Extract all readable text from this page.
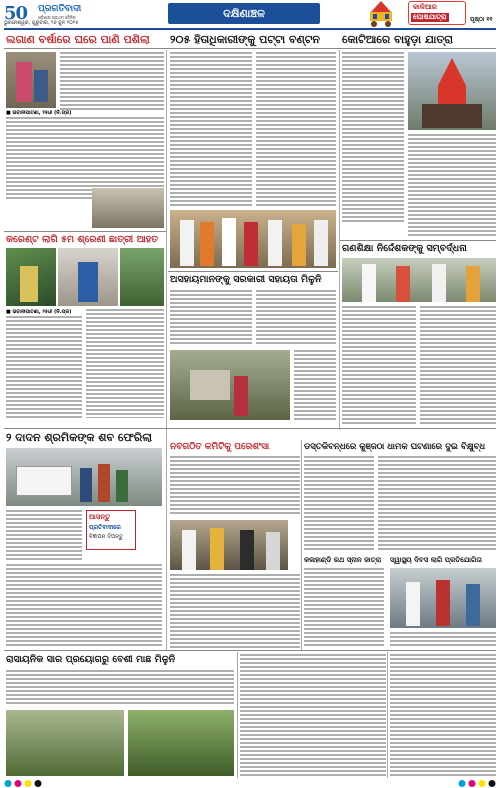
50 ପ୍ରଗତିବାଦୀ
ଓଡ଼ିଶାର ପ୍ରଥମ ଦୈନିକ
ଭୁବନେଶ୍ୱର, ଗୁରୁବାର, ୨୬ ଜୁନ ୨୦୨୫
ଦକ୍ଷିଣାଞ୍ଚଳ	କାଳିଆର
ଘୋଷଯାତ୍ରା	ପୃଷ୍ଠା ୧୧
ଲଗାଣ ବର୍ଷାରେ ଘରେ ପାଣି ପଶିଲା	୨୦୫ ହିତାଧିକାରୀଙ୍କୁ ପଟ୍ଟା ବଣ୍ଟନ	କୋଟିଆରେ ବାହୁଡ଼ା ଯାତ୍ରା
■ ଭବାନୀପାଟଣା, ୨୫ା୬ (ନି.ପ୍ର)
କରେଣ୍ଟ ଲାଗି ୫ମ ଶ୍ରେଣୀ ଛାତ୍ରୀ ଆହତ
■ ଭବାନୀପାଟଣା, ୨୫ା୬ (ନି.ପ୍ର)
ଅସହାୟମାନଙ୍କୁ ସରକାରୀ ସହାୟତା ମିଳୁନି
ଗଣଶିକ୍ଷା ନିର୍ଦ୍ଦେଶକଙ୍କୁ ସମ୍ବର୍ଦ୍ଧନା
୨ ଦାଦନ ଶ୍ରମିକଙ୍କ ଶବ ଫେରିଲା
ନବଗଠିତ କମିଟିକୁ ପରେଶଂସା	ଡସ୍ତକିବନ୍ଧରେ କୁଞ୍ଜଠା ଧାମକ ଘଟଣାରେ ଦୁଇ ବିକ୍ଷୁବ୍ଧ
ଆସନ୍ତୁ
ପ୍ରତିବାଦୀରେ
ବିଜ୍ଞାପନ ଦିଅନ୍ତୁ
କଳାହାଣ୍ଡି ରଥ ସ୍ନାନ ଜାତ୍ରା	ସ୍ୱାସ୍ଥ୍ୟ ଦିବସ ଲାଗି ପ୍ରତିଯୋଗିତା
ରାସାୟନିକ ସାର ପ୍ରୟୋଗରୁ ବେଶୀ ମାଛ ମିଳୁନି
